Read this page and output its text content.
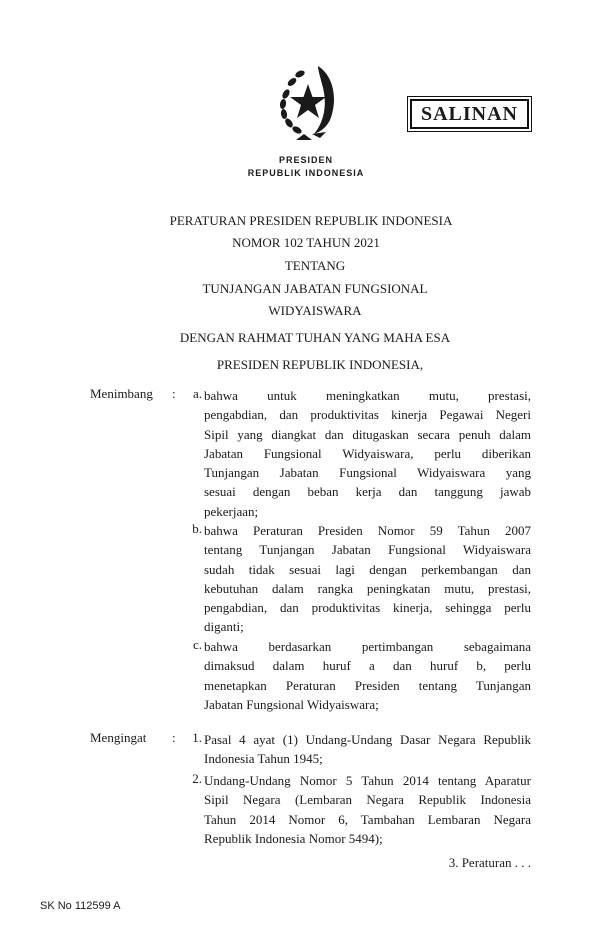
SALINAN
PRESIDEN
REPUBLIK INDONESIA
PERATURAN PRESIDEN REPUBLIK INDONESIA
NOMOR 102 TAHUN 2021
TENTANG
TUNJANGAN JABATAN FUNGSIONAL
WIDYAISWARA
DENGAN RAHMAT TUHAN YANG MAHA ESA
PRESIDEN REPUBLIK INDONESIA,
Menimbang :	a. bahwa untuk meningkatkan mutu, prestasi,
pengabdian, dan produktivitas kinerja Pegawai Negeri
Sipil yang diangkat dan ditugaskan secara penuh dalam
Jabatan Fungsional Widyaiswara, perlu diberikan
Tunjangan Jabatan Fungsional Widyaiswara yang
sesuai dengan beban kerja dan tanggung jawab
pekerjaan;
b. bahwa Peraturan Presiden Nomor 59 Tahun 2007
tentang Tunjangan Jabatan Fungsional Widyaiswara
sudah tidak sesuai lagi dengan perkembangan dan
kebutuhan dalam rangka peningkatan mutu, prestasi,
pengabdian, dan produktivitas kinerja, sehingga perlu
diganti;
c. bahwa berdasarkan pertimbangan sebagaimana
dimaksud dalam huruf a dan huruf b, perlu
menetapkan Peraturan Presiden tentang Tunjangan
Jabatan Fungsional Widyaiswara;
Mengingat :	1. Pasal 4 ayat (1) Undang-Undang Dasar Negara Republik
Indonesia Tahun 1945;
2. Undang-Undang Nomor 5 Tahun 2014 tentang Aparatur
Sipil Negara (Lembaran Negara Republik Indonesia
Tahun 2014 Nomor 6, Tambahan Lembaran Negara
Republik Indonesia Nomor 5494);
3. Peraturan . . .
SK No 112599 A
